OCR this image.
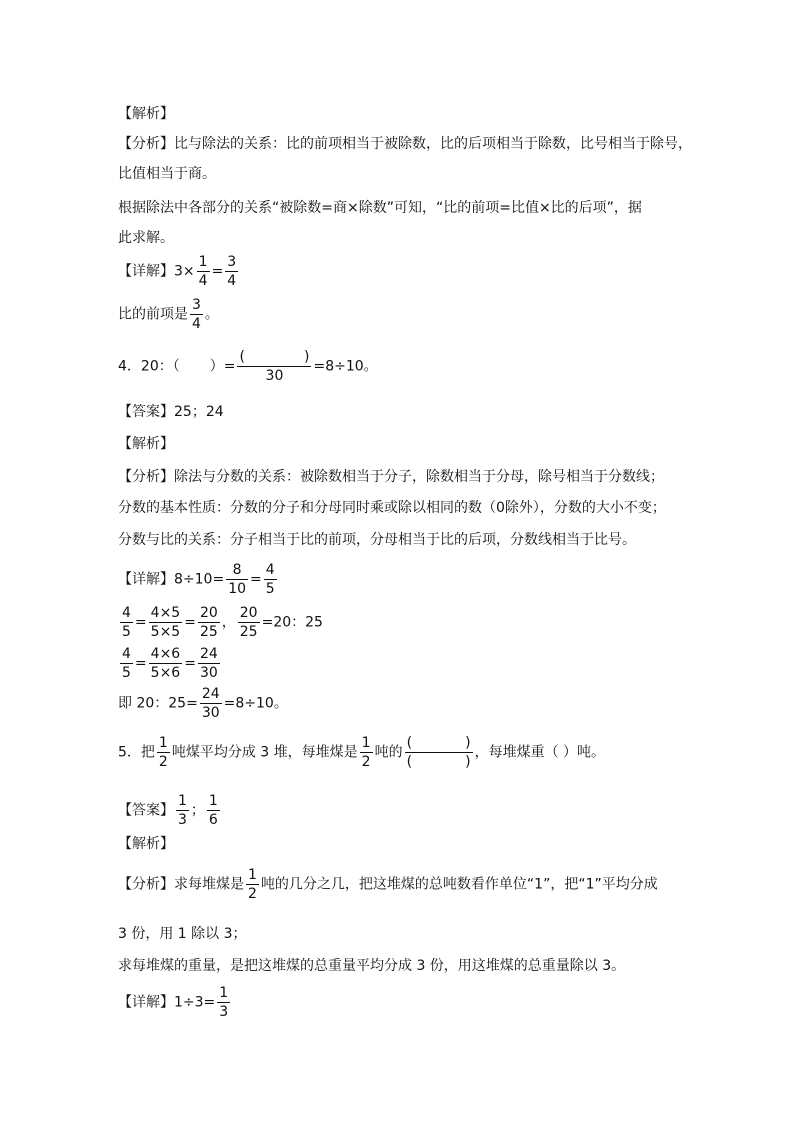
【解析】
【分析】比与除法的关系：比的前项相当于被除数，比的后项相当于除数，比号相当于除号，
比值相当于商。
根据除法中各部分的关系“被除数=商×除数”可知，“比的前项=比值×比的后项”，据
此求解。
【详解】$3\times \frac{1}{4} = \frac{3}{4}$
比的前项是 $\frac{3}{4}$ 。
4．20：（ ）=
(	)
30
=8÷10。
【答案】25；24
【解析】
【分析】除法与分数的关系：被除数相当于分子，除数相当于分母，除号相当于分数线；
分数的基本性质：分数的分子和分母同时乘或除以相同的数（0除外），分数的大小不变；
分数与比的关系：分子相当于比的前项，分母相当于比的后项，分数线相当于比号。
【详解】$8\div 10= \frac{8}{10} = \frac{4}{5}$
$\frac{4}{5} = \frac{4\times 5}{5\times 5} = \frac{20}{25}$ ， $\frac{20}{25} =20$：25
$\frac{4}{5} = \frac{4\times 6}{5\times 6} = \frac{24}{30}$
即 20：$25= \frac{24}{30} =8\div 10$。
5．把 $\frac{1}{2}$ 吨煤平均分成 3 堆，每堆煤是 $\frac{1}{2}$ 吨的
(	)
(	)
，每堆煤重（ ）吨。
【答案】 $\frac{1}{3}$ ； $\frac{1}{6}$
【解析】
【分析】求每堆煤是 $\frac{1}{2}$ 吨的几分之几，把这堆煤的总吨数看作单位“1”，把“1”平均分成
3 份，用 1 除以 3；
求每堆煤的重量，是把这堆煤的总重量平均分成 3 份，用这堆煤的总重量除以 3。
【详解】$1\div 3= \frac{1}{3}$
